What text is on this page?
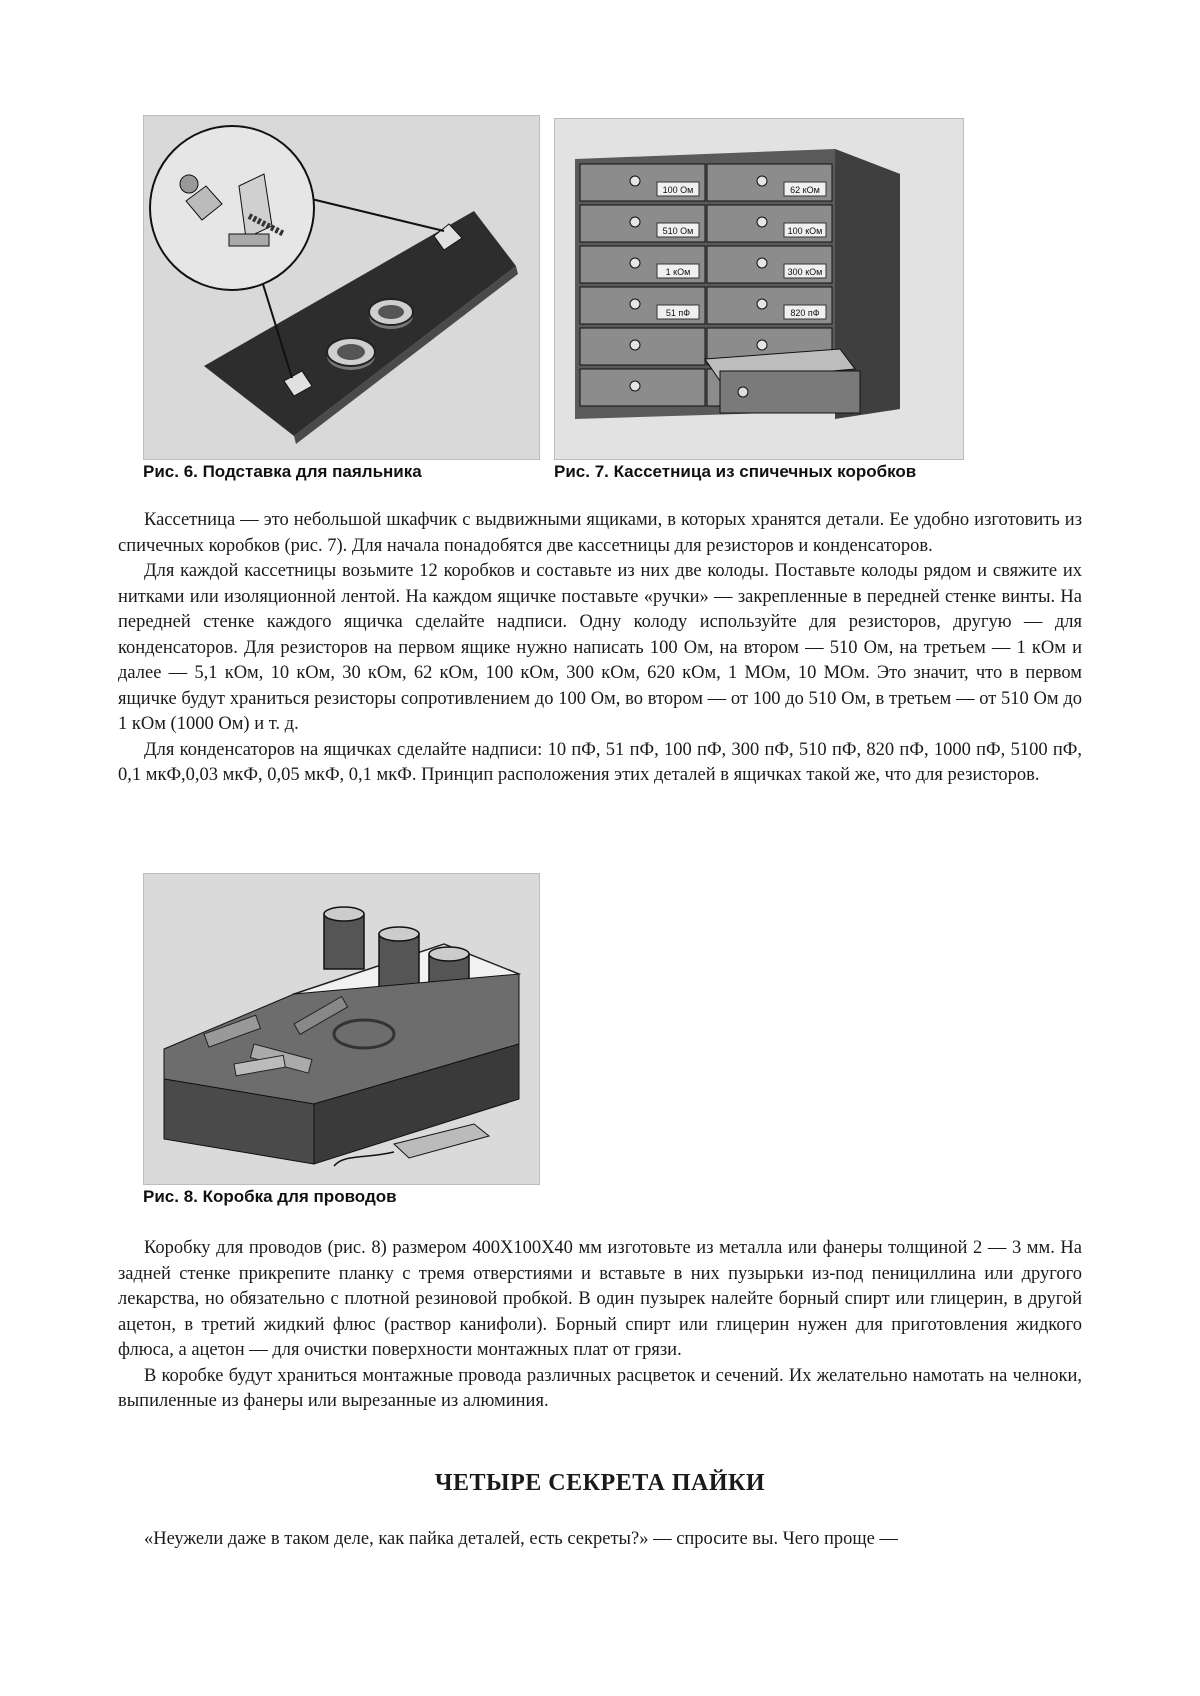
100 Ом
510 Ом
1 кОм
51 пФ
62 кОм
100 кОм
300 кОм
820 пФ
Рис. 6. Подставка для паяльника	Рис. 7. Кассетница из спичечных коробков

Кассетница — это небольшой шкафчик с выдвижными ящиками, в которых хранятся детали. Ее удобно изготовить из спичечных коробков (рис. 7). Для начала понадобятся две кассетницы для резисторов и конденсаторов.

Для каждой кассетницы возьмите 12 коробков и составьте из них две колоды. Поставьте колоды рядом и свяжите их нитками или изоляционной лентой. На каждом ящичке поставьте «ручки» — закрепленные в передней стенке винты. На передней стенке каждого ящичка сделайте надписи. Одну колоду используйте для резисторов, другую — для конденсаторов. Для резисторов на первом ящике нужно написать 100 Ом, на втором — 510 Ом, на третьем — 1 кОм и далее — 5,1 кОм, 10 кОм, 30 кОм, 62 кОм, 100 кОм, 300 кОм, 620 кОм, 1 МОм, 10 МОм. Это значит, что в первом ящичке будут храниться резисторы сопротивлением до 100 Ом, во втором — от 100 до 510 Ом, в третьем — от 510 Ом до 1 кОм (1000 Ом) и т. д.

Для конденсаторов на ящичках сделайте надписи: 10 пФ, 51 пФ, 100 пФ, 300 пФ, 510 пФ, 820 пФ, 1000 пФ, 5100 пФ, 0,1 мкФ,0,03 мкФ, 0,05 мкФ, 0,1 мкФ. Принцип расположения этих деталей в ящичках такой же, что для резисторов.

Рис. 8. Коробка для проводов

Коробку для проводов (рис. 8) размером 400Х100Х40 мм изготовьте из металла или фанеры толщиной 2 — 3 мм. На задней стенке прикрепите планку с тремя отверстиями и вставьте в них пузырьки из-под пенициллина или другого лекарства, но обязательно с плотной резиновой пробкой. В один пузырек налейте борный спирт или глицерин, в другой ацетон, в третий жидкий флюс (раствор канифоли). Борный спирт или глицерин нужен для приготовления жидкого флюса, а ацетон — для очистки поверхности монтажных плат от грязи.

В коробке будут храниться монтажные провода различных расцветок и сечений. Их желательно намотать на челноки, выпиленные из фанеры или вырезанные из алюминия.

ЧЕТЫРЕ СЕКРЕТА ПАЙКИ

«Неужели даже в таком деле, как пайка деталей, есть секреты?» — спросите вы. Чего проще —
